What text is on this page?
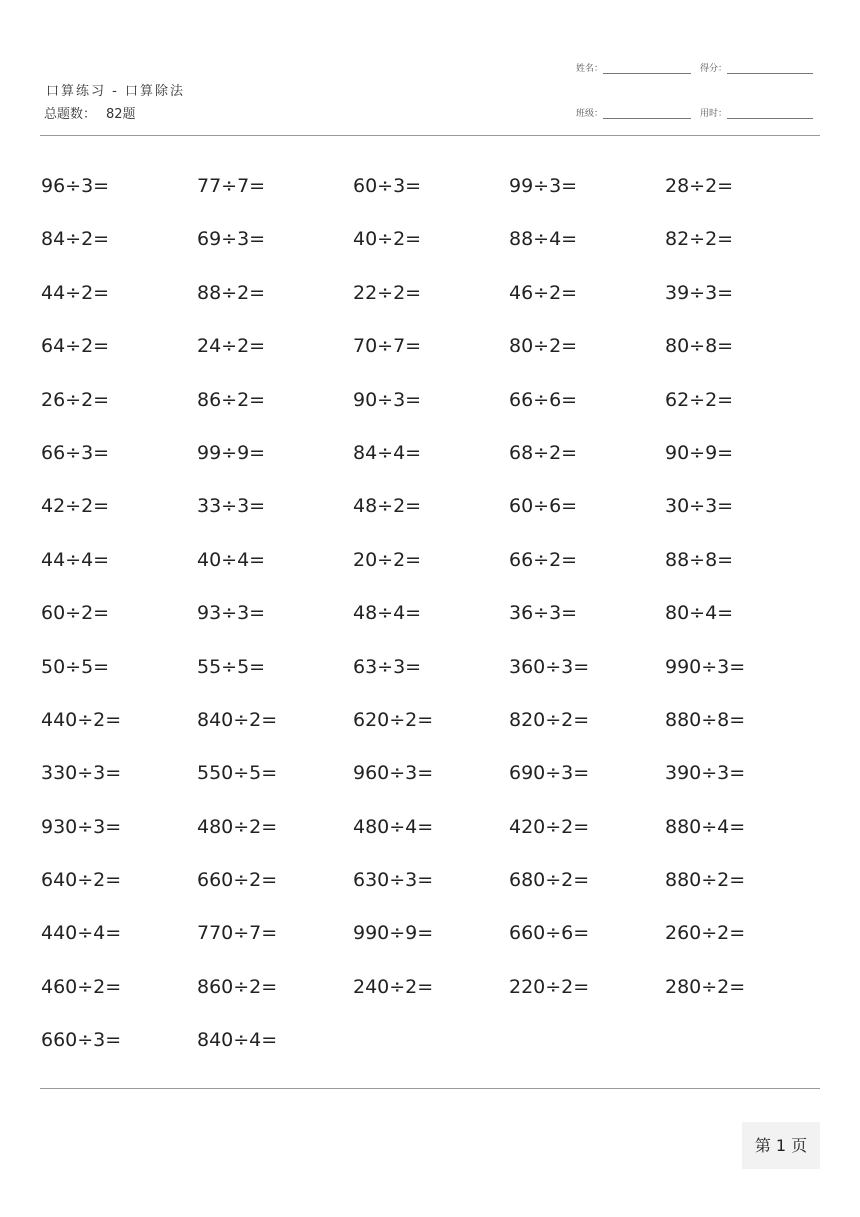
口算练习 - 口算除法
总题数： 82题
姓名：	得分：
班级：	用时：
96÷3=	77÷7=	60÷3=	99÷3=	28÷2=
84÷2=	69÷3=	40÷2=	88÷4=	82÷2=
44÷2=	88÷2=	22÷2=	46÷2=	39÷3=
64÷2=	24÷2=	70÷7=	80÷2=	80÷8=
26÷2=	86÷2=	90÷3=	66÷6=	62÷2=
66÷3=	99÷9=	84÷4=	68÷2=	90÷9=
42÷2=	33÷3=	48÷2=	60÷6=	30÷3=
44÷4=	40÷4=	20÷2=	66÷2=	88÷8=
60÷2=	93÷3=	48÷4=	36÷3=	80÷4=
50÷5=	55÷5=	63÷3=	360÷3=	990÷3=
440÷2=	840÷2=	620÷2=	820÷2=	880÷8=
330÷3=	550÷5=	960÷3=	690÷3=	390÷3=
930÷3=	480÷2=	480÷4=	420÷2=	880÷4=
640÷2=	660÷2=	630÷3=	680÷2=	880÷2=
440÷4=	770÷7=	990÷9=	660÷6=	260÷2=
460÷2=	860÷2=	240÷2=	220÷2=	280÷2=
660÷3=	840÷4=
第 1 页
